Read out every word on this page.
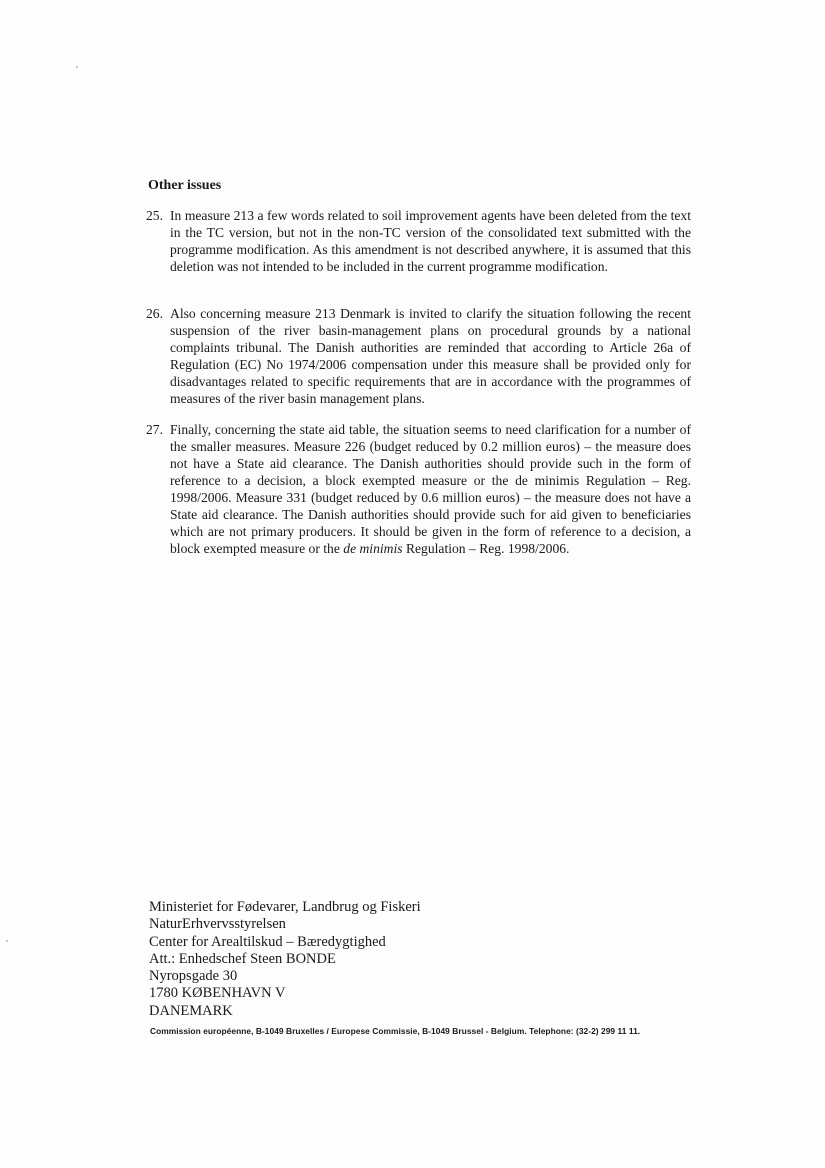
Other issues
25. In measure 213 a few words related to soil improvement agents have been deleted from the text in the TC version, but not in the non-TC version of the consolidated text submitted with the programme modification. As this amendment is not described anywhere, it is assumed that this deletion was not intended to be included in the current programme modification.
26. Also concerning measure 213 Denmark is invited to clarify the situation following the recent suspension of the river basin-management plans on procedural grounds by a national complaints tribunal. The Danish authorities are reminded that according to Article 26a of Regulation (EC) No 1974/2006 compensation under this measure shall be provided only for disadvantages related to specific requirements that are in accordance with the programmes of measures of the river basin management plans.
27. Finally, concerning the state aid table, the situation seems to need clarification for a number of the smaller measures. Measure 226 (budget reduced by 0.2 million euros) – the measure does not have a State aid clearance. The Danish authorities should provide such in the form of reference to a decision, a block exempted measure or the de minimis Regulation – Reg. 1998/2006. Measure 331 (budget reduced by 0.6 million euros) – the measure does not have a State aid clearance. The Danish authorities should provide such for aid given to beneficiaries which are not primary producers. It should be given in the form of reference to a decision, a block exempted measure or the de minimis Regulation – Reg. 1998/2006.
Ministeriet for Fødevarer, Landbrug og Fiskeri
NaturErhvervsstyrelsen
Center for Arealtilskud – Bæredygtighed
Att.: Enhedschef Steen BONDE
Nyropsgade 30
1780 KØBENHAVN V
DANEMARK
Commission européenne, B-1049 Bruxelles / Europese Commissie, B-1049 Brussel - Belgium. Telephone: (32-2) 299 11 11.
